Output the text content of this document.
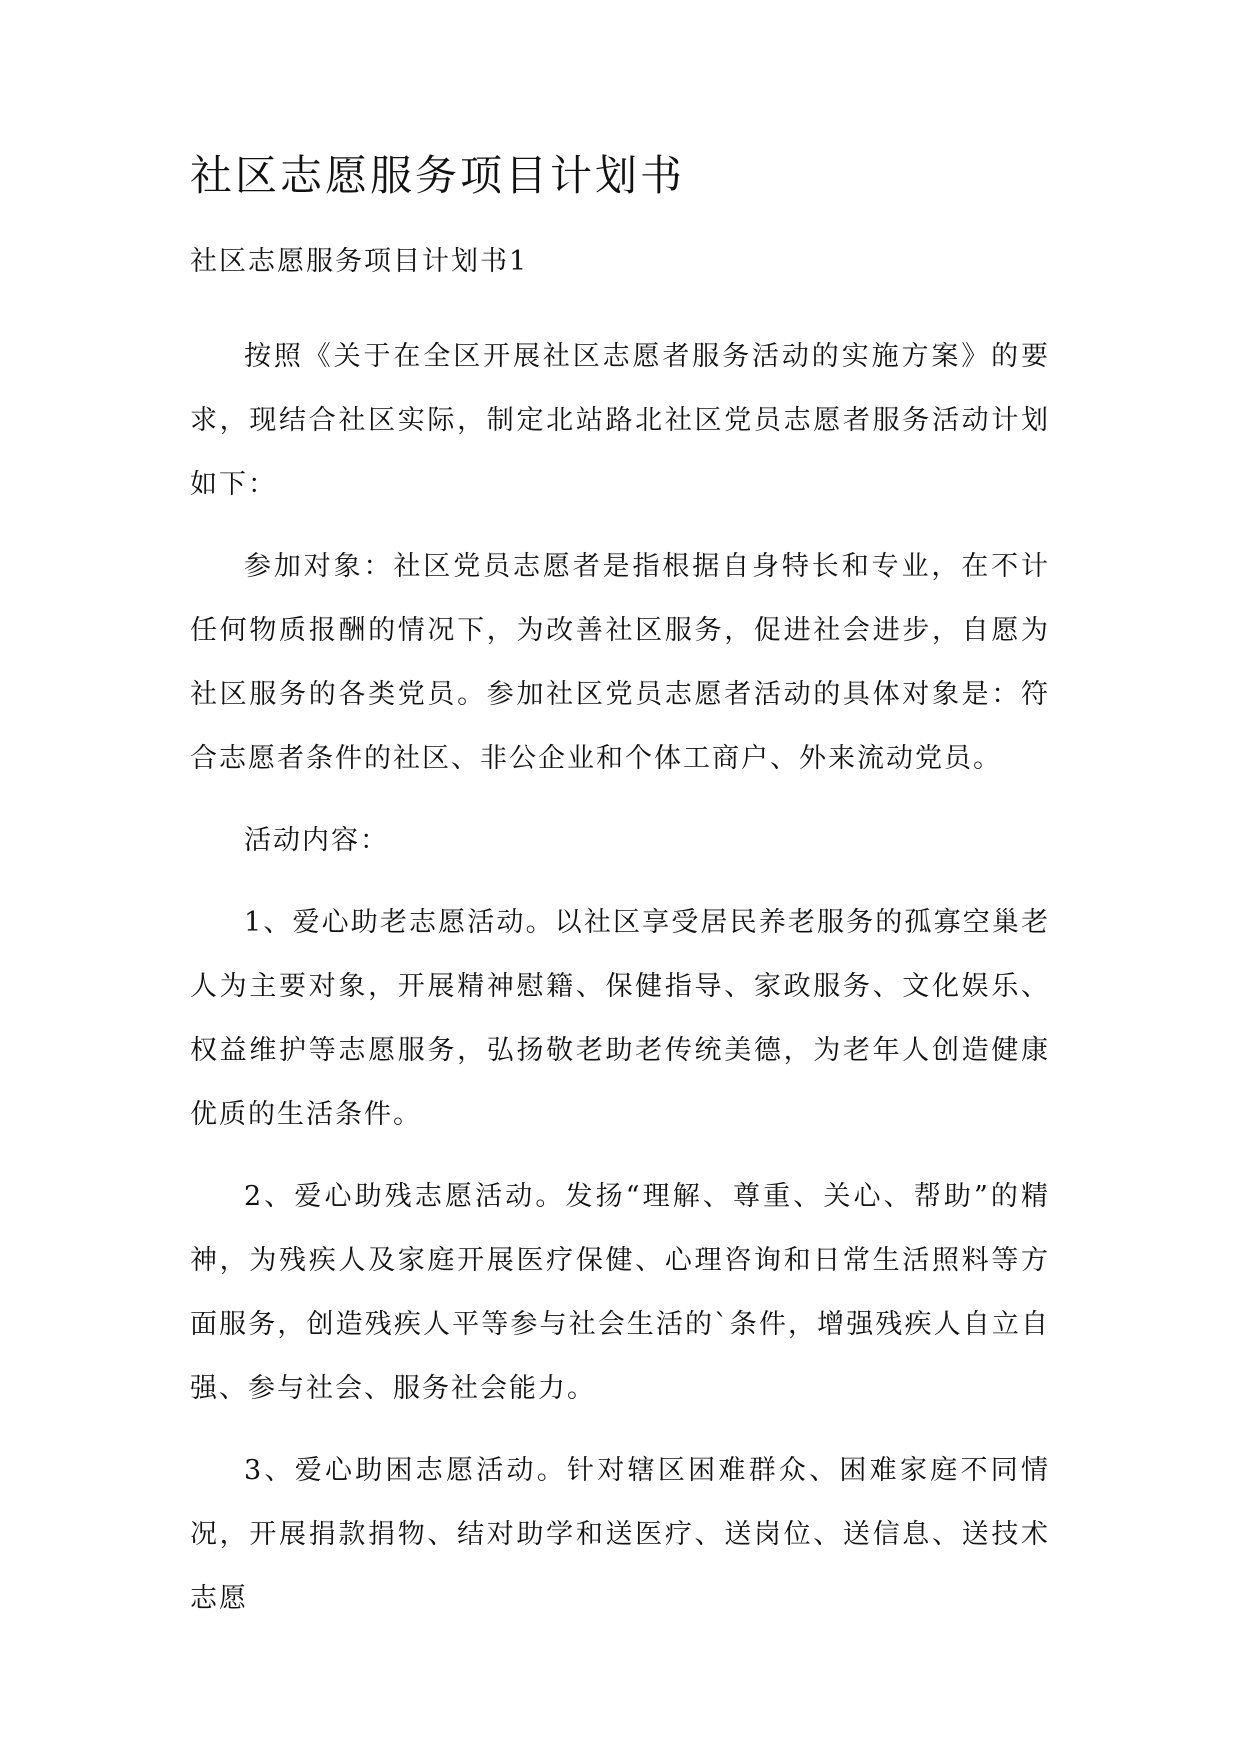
社区志愿服务项目计划书
社区志愿服务项目计划书1

按照《关于在全区开展社区志愿者服务活动的实施方案》的要求，现结合社区实际，制定北站路北社区党员志愿者服务活动计划如下：

参加对象：社区党员志愿者是指根据自身特长和专业，在不计任何物质报酬的情况下，为改善社区服务，促进社会进步，自愿为社区服务的各类党员。参加社区党员志愿者活动的具体对象是：符合志愿者条件的社区、非公企业和个体工商户、外来流动党员。

活动内容：

1、爱心助老志愿活动。以社区享受居民养老服务的孤寡空巢老人为主要对象，开展精神慰籍、保健指导、家政服务、文化娱乐、权益维护等志愿服务，弘扬敬老助老传统美德，为老年人创造健康优质的生活条件。

2、爱心助残志愿活动。发扬“理解、尊重、关心、帮助”的精神，为残疾人及家庭开展医疗保健、心理咨询和日常生活照料等方面服务，创造残疾人平等参与社会生活的`条件，增强残疾人自立自强、参与社会、服务社会能力。

3、爱心助困志愿活动。针对辖区困难群众、困难家庭不同情况，开展捐款捐物、结对助学和送医疗、送岗位、送信息、送技术志愿
